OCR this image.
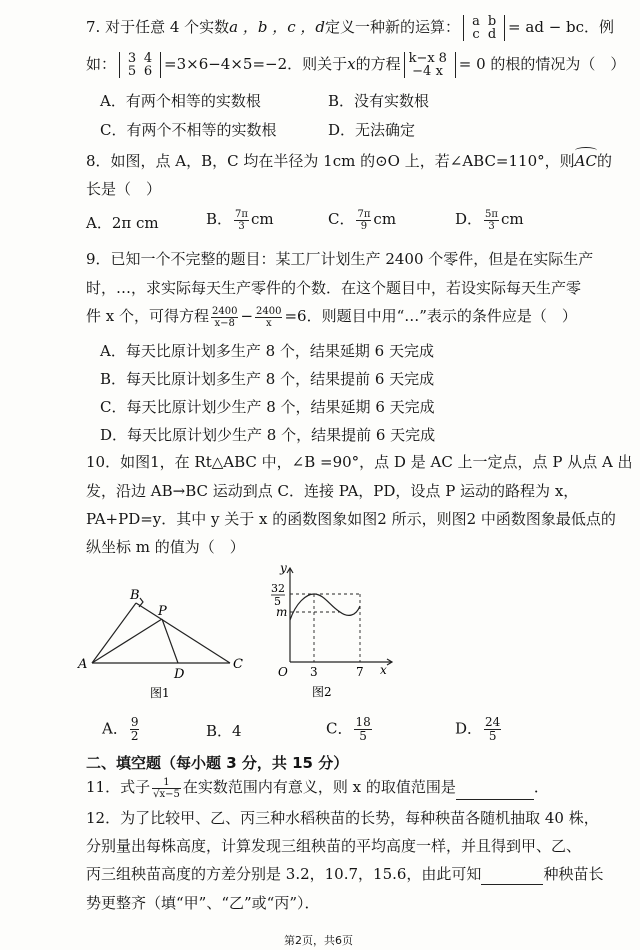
7. 对于任意 4 个实数a ，b ，c ，d定义一种新的运算： a b
c d = ad − bc．例
如： 3 4
5 6 =3×6−4×5=−2．则关于x的方程 k−x 8
−4 x = 0 的根的情况为（　）
A．有两个相等的实数根	B．没有实数根
C．有两个不相等的实数根	D．无法确定
8．如图，点 A，B，C 均在半径为 1cm 的⊙O 上，若∠ABC=110°，则AC的
长是（　）
A．2π cm	B． $\frac{7\pi}{3}$ cm	C． $\frac{7\pi}{9}$ cm	D． $\frac{5\pi}{3}$ cm
9．已知一个不完整的题目：某工厂计划生产 2400 个零件，但是在实际生产
时，…，求实际每天生产零件的个数．在这个题目中，若设实际每天生产零
件 x 个，可得方程 $\frac{2400}{x-8} - \frac{2400}{x} =6$．则题目中用“…”表示的条件应是（　）
A．每天比原计划多生产 8 个，结果延期 6 天完成
B．每天比原计划多生产 8 个，结果提前 6 天完成
C．每天比原计划少生产 8 个，结果延期 6 天完成
D．每天比原计划少生产 8 个，结果提前 6 天完成
10．如图1，在 Rt△ABC 中，∠B =90°，点 D 是 AC 上一定点，点 P 从点 A 出
发，沿边 AB→BC 运动到点 C．连接 PA，PD，设点 P 运动的路程为 x，
PA+PD=y．其中 y 关于 x 的函数图象如图2 所示，则图2 中函数图象最低点的
纵坐标 m 的值为（　）
B
P
A
D
C
图1
y
x
O 3	7
32
5
m
图2
A． $\frac{9}{2}$	B．4	C． $\frac{18}{5}$	D． $\frac{24}{5}$
二、填空题（每小题 3 分，共 15 分）
11．式子 $\frac{1}{√x-5}$ 在实数范围内有意义，则 x 的取值范围是	．
12．为了比较甲、乙、丙三种水稻秧苗的长势，每种秧苗各随机抽取 40 株，
分别量出每株高度，计算发现三组秧苗的平均高度一样，并且得到甲、乙、
丙三组秧苗高度的方差分别是 3.2，10.7，15.6，由此可知	种秧苗长
势更整齐（填“甲”、“乙”或“丙”）．
第2页，共6页
